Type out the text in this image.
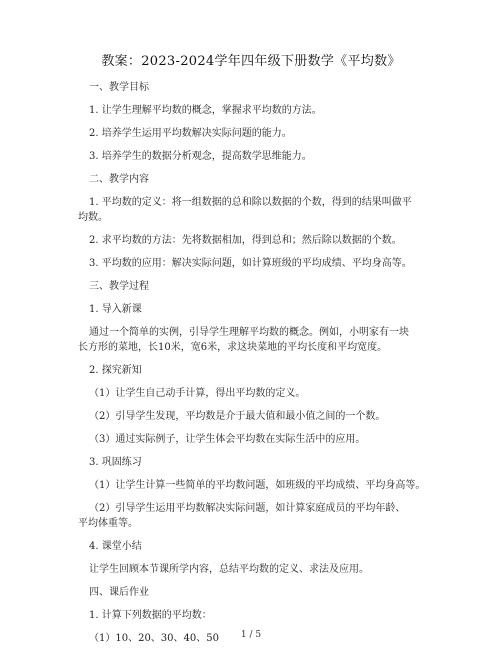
教案：2023-2024学年四年级下册数学《平均数》

一、教学目标

1. 让学生理解平均数的概念，掌握求平均数的方法。

2. 培养学生运用平均数解决实际问题的能力。

3. 培养学生的数据分析观念，提高数学思维能力。

二、教学内容

1. 平均数的定义：将一组数据的总和除以数据的个数，得到的结果叫做平均数。

2. 求平均数的方法：先将数据相加，得到总和；然后除以数据的个数。

3. 平均数的应用：解决实际问题，如计算班级的平均成绩、平均身高等。

三、教学过程

1. 导入新课

通过一个简单的实例，引导学生理解平均数的概念。例如，小明家有一块长方形的菜地，长10米，宽6米，求这块菜地的平均长度和平均宽度。

2. 探究新知

（1）让学生自己动手计算，得出平均数的定义。

（2）引导学生发现，平均数是介于最大值和最小值之间的一个数。

（3）通过实际例子，让学生体会平均数在实际生活中的应用。

3. 巩固练习

（1）让学生计算一些简单的平均数问题，如班级的平均成绩、平均身高等。

（2）引导学生运用平均数解决实际问题，如计算家庭成员的平均年龄、平均体重等。

4. 课堂小结

让学生回顾本节课所学内容，总结平均数的定义、求法及应用。

四、课后作业

1. 计算下列数据的平均数：

（1）10、20、30、40、50	1 / 5
